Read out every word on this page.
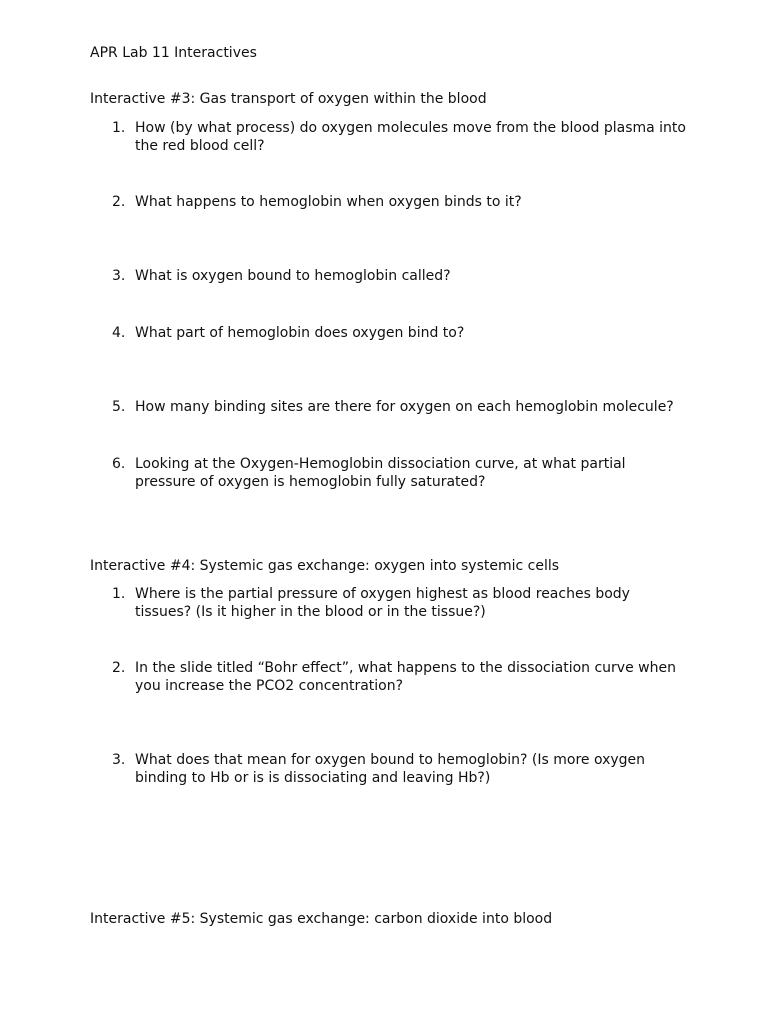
APR Lab 11 Interactives
Interactive #3: Gas transport of oxygen within the blood
1. How (by what process) do oxygen molecules move from the blood plasma into the red blood cell?
2. What happens to hemoglobin when oxygen binds to it?
3. What is oxygen bound to hemoglobin called?
4. What part of hemoglobin does oxygen bind to?
5. How many binding sites are there for oxygen on each hemoglobin molecule?
6. Looking at the Oxygen-Hemoglobin dissociation curve, at what partial pressure of oxygen is hemoglobin fully saturated?
Interactive #4: Systemic gas exchange: oxygen into systemic cells
1. Where is the partial pressure of oxygen highest as blood reaches body tissues? (Is it higher in the blood or in the tissue?)
2. In the slide titled “Bohr effect”, what happens to the dissociation curve when you increase the PCO2 concentration?
3. What does that mean for oxygen bound to hemoglobin? (Is more oxygen binding to Hb or is is dissociating and leaving Hb?)
Interactive #5: Systemic gas exchange: carbon dioxide into blood
